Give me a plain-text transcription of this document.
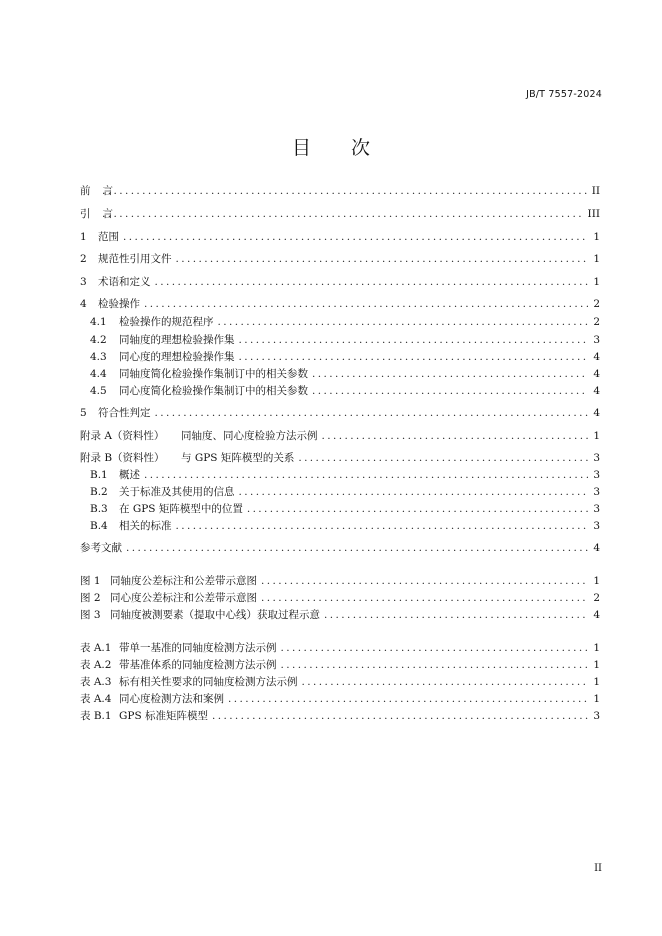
JB/T 7557-2024
目 次
前言 .....	II
引言 .....	III
1	范围 .....	1
2	规范性引用文件 .....	1
3	术语和定义 .....	1
4	检验操作 .....	2
4.1	检验操作的规范程序 .....	2
4.2	同轴度的理想检验操作集 .....	3
4.3	同心度的理想检验操作集 .....	4
4.4	同轴度简化检验操作集制订中的相关参数 .....	4
4.5	同心度简化检验操作集制订中的相关参数 .....	4
5	符合性判定 .....	4
附录 A（资料性）	同轴度、同心度检验方法示例 .....	1
附录 B（资料性）	与 GPS 矩阵模型的关系 .....	3
B.1	概述 .....	3
B.2	关于标准及其使用的信息 .....	3
B.3	在 GPS 矩阵模型中的位置 .....	3
B.4	相关的标准 .....	3
参考文献 .....	4
图 1 同轴度公差标注和公差带示意图 .....	1
图 2 同心度公差标注和公差带示意图 .....	2
图 3 同轴度被测要素（提取中心线）获取过程示意 .....	4
表 A.1 带单一基准的同轴度检测方法示例 .....	1
表 A.2 带基准体系的同轴度检测方法示例 .....	1
表 A.3 标有相关性要求的同轴度检测方法示例 .....	1
表 A.4 同心度检测方法和案例 .....	1
表 B.1 GPS 标准矩阵模型 .....	3
II
